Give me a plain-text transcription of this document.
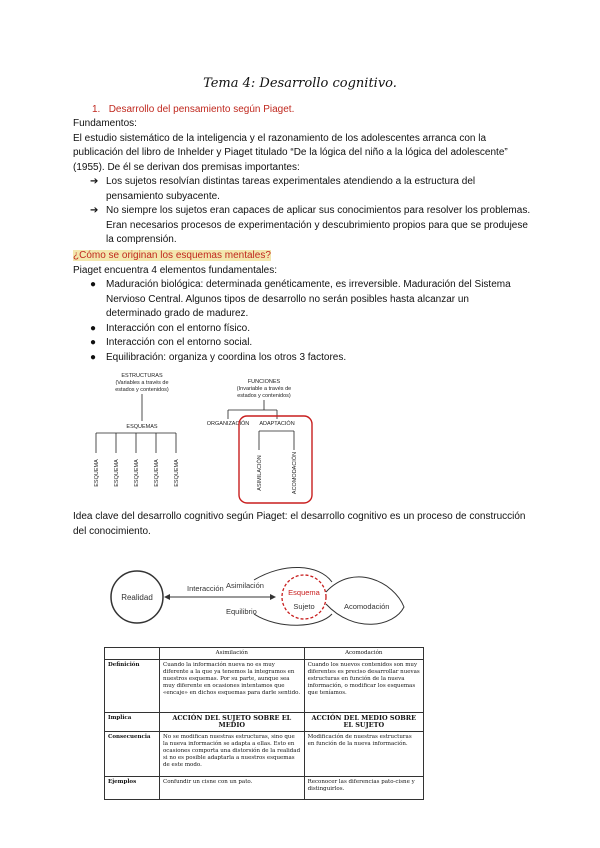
Tema 4: Desarrollo cognitivo.
1. Desarrollo del pensamiento según Piaget.
Fundamentos:
El estudio sistemático de la inteligencia y el razonamiento de los adolescentes arranca con la publicación del libro de Inhelder y Piaget titulado “De la lógica del niño a la lógica del adolescente” (1955). De él se derivan dos premisas importantes:
➔ Los sujetos resolvían distintas tareas experimentales atendiendo a la estructura del pensamiento subyacente.
➔ No siempre los sujetos eran capaces de aplicar sus conocimientos para resolver los problemas. Eran necesarios procesos de experimentación y descubrimiento propios para que se produjese la comprensión.
¿Cómo se originan los esquemas mentales?
Piaget encuentra 4 elementos fundamentales:
● Maduración biológica: determinada genéticamente, es irreversible. Maduración del Sistema Nervioso Central. Algunos tipos de desarrollo no serán posibles hasta alcanzar un determinado grado de madurez.
● Interacción con el entorno físico.
● Interacción con el entorno social.
● Equilibración: organiza y coordina los otros 3 factores.
ESTRUCTURAS
(Variables a través de
estados y contenidos)
ESQUEMAS
FUNCIONES
(Invariable a través de
estados y contenidos)
ORGANIZACIÓN ADAPTACIÓN
ESQUEMA	ESQUEMA	ESQUEMA	ESQUEMA	ESQUEMA	ASIMILACIÓN	ACOMODACIÓN
Idea clave del desarrollo cognitivo según Piaget: el desarrollo cognitivo es un proceso de construcción del conocimiento.
Realidad
Interacción Asimilación
Equilibrio
Esquema
Sujeto	Acomodación
	Asimilación	Acomodación
Definición	Cuando la información nueva no es muy diferente a la que ya tenemos la integramos en nuestros esquemas. Por su parte, aunque sea muy diferente en ocasiones intentamos que «encaje» en dichos esquemas para darle sentido.	Cuando los nuevos contenidos son muy diferentes es preciso desarrollar nuevas estructuras en función de la nueva información, o modificar los esquemas que teníamos.
Implica	ACCIÓN DEL SUJETO SOBRE EL MEDIO	ACCIÓN DEL MEDIO SOBRE EL SUJETO
Consecuencia	No se modifican nuestras estructuras, sino que la nueva información se adapta a ellas. Esto en ocasiones comporta una distorsión de la realidad si no es posible adaptarla a nuestros esquemas de este modo.	Modificación de nuestras estructuras en función de la nueva información.
Ejemplos	Confundir un cisne con un pato.	Reconocer las diferencias pato-cisne y distinguirlos.
